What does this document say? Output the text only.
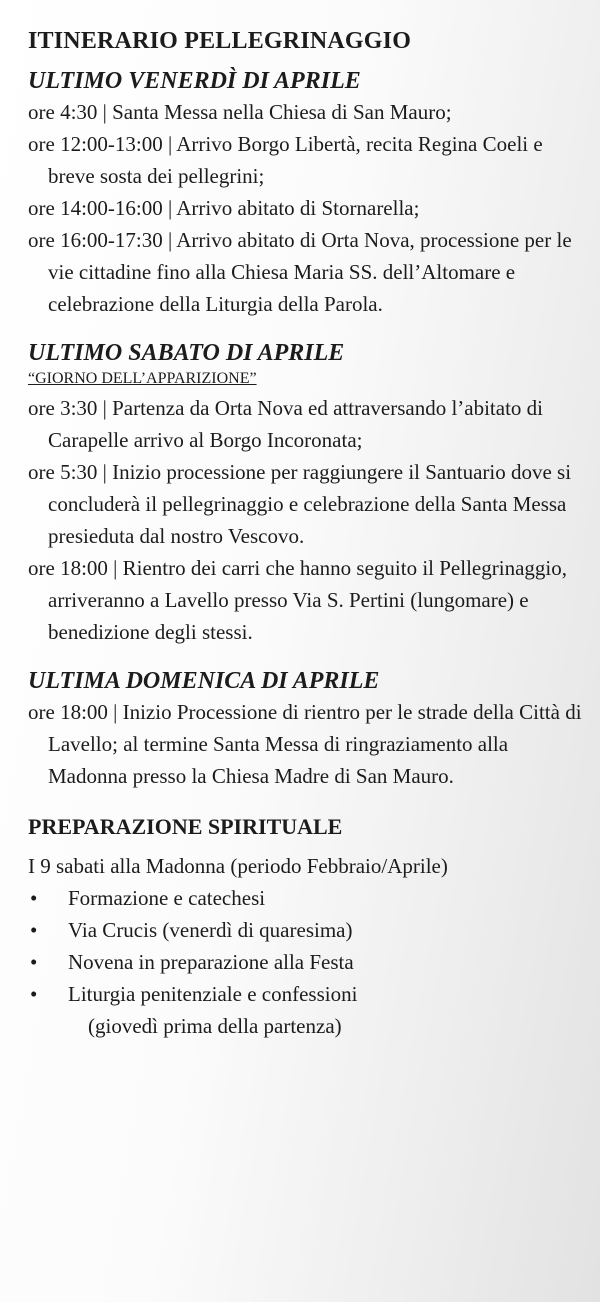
ITINERARIO PELLEGRINAGGIO
ULTIMO VENERDÌ DI APRILE

ore 4:30 | Santa Messa nella Chiesa di San Mauro;

ore 12:00-13:00 | Arrivo Borgo Libertà, recita Regina Coeli e breve sosta dei pellegrini;

ore 14:00-16:00 | Arrivo abitato di Stornarella;

ore 16:00-17:30 | Arrivo abitato di Orta Nova, processione per le vie cittadine fino alla Chiesa Maria SS. dell’Altomare e celebrazione della Liturgia della Parola.

ULTIMO SABATO DI APRILE
“GIORNO DELL’APPARIZIONE”

ore 3:30 | Partenza da Orta Nova ed attraversando l’abitato di Carapelle arrivo al Borgo Incoronata;

ore 5:30 | Inizio processione per raggiungere il Santuario dove si concluderà il pellegrinaggio e celebrazione della Santa Messa presieduta dal nostro Vescovo.

ore 18:00 | Rientro dei carri che hanno seguito il Pellegrinaggio, arriveranno a Lavello presso Via S. Pertini (lungomare) e benedizione degli stessi.

ULTIMA DOMENICA DI APRILE

ore 18:00 | Inizio Processione di rientro per le strade della Città di Lavello; al termine Santa Messa di ringraziamento alla Madonna presso la Chiesa Madre di San Mauro.

PREPARAZIONE SPIRITUALE

I 9 sabati alla Madonna (periodo Febbraio/Aprile)

• Formazione e catechesi
• Via Crucis (venerdì di quaresima)
• Novena in preparazione alla Festa
• Liturgia penitenziale e confessioni
(giovedì prima della partenza)
